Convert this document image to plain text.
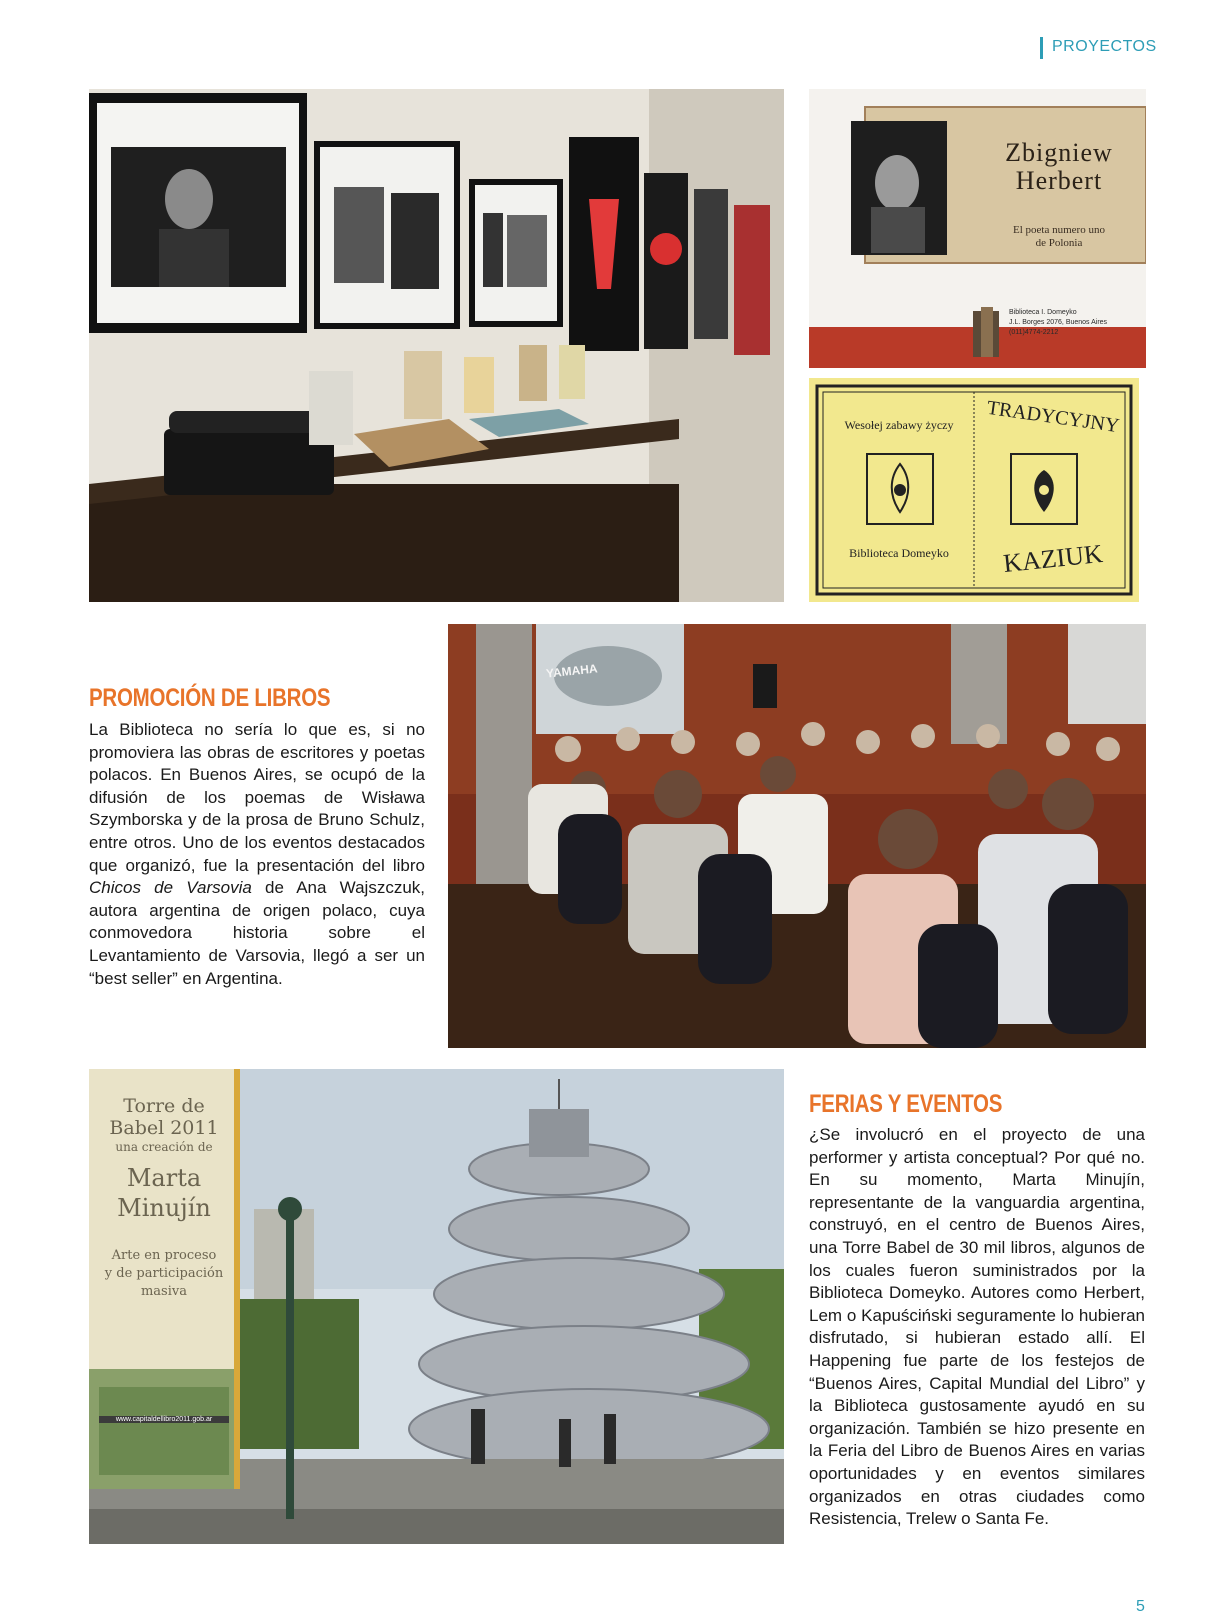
PROYECTOS
Zbigniew
Herbert
El poeta numero uno
de Polonia
Biblioteca I. Domeyko
J.L. Borges 2076, Buenos Aires
(011)4774-2212
Wesołej zabawy życzy
Biblioteca Domeyko
TRADYCYJNY
KAZIUK
YAMAHA
PROMOCIÓN DE LIBROS
La Biblioteca no sería lo que es, si no promoviera las obras de escritores y poetas polacos. En Buenos Aires, se ocupó de la difusión de los poemas de Wisława Szymborska y de la prosa de Bruno Schulz, entre otros. Uno de los eventos destacados que organizó, fue la presentación del libro Chicos de Varsovia de Ana Wajszczuk, autora argentina de origen polaco, cuya conmovedora historia sobre el Levantamiento de Varsovia, llegó a ser un “best seller” en Argentina.
Torre de
Babel 2011
una creación de
Marta
Minujín
Arte en proceso
y de participación
masiva
www.capitaldellibro2011.gob.ar
FERIAS Y EVENTOS
¿Se involucró en el proyecto de una performer y artista conceptual? Por qué no. En su momento, Marta Minujín, representante de la vanguardia argentina, construyó, en el centro de Buenos Aires, una Torre Babel de 30 mil libros, algunos de los cuales fueron suministrados por la Biblioteca Domeyko. Autores como Herbert, Lem o Kapuściński seguramente lo hubieran disfrutado, si hubieran estado allí. El Happening fue parte de los festejos de “Buenos Aires, Capital Mundial del Libro” y la Biblioteca gustosamente ayudó en su organización. También se hizo presente en la Feria del Libro de Buenos Aires en varias oportunidades y en eventos similares organizados en otras ciudades como Resistencia, Trelew o Santa Fe.
5
